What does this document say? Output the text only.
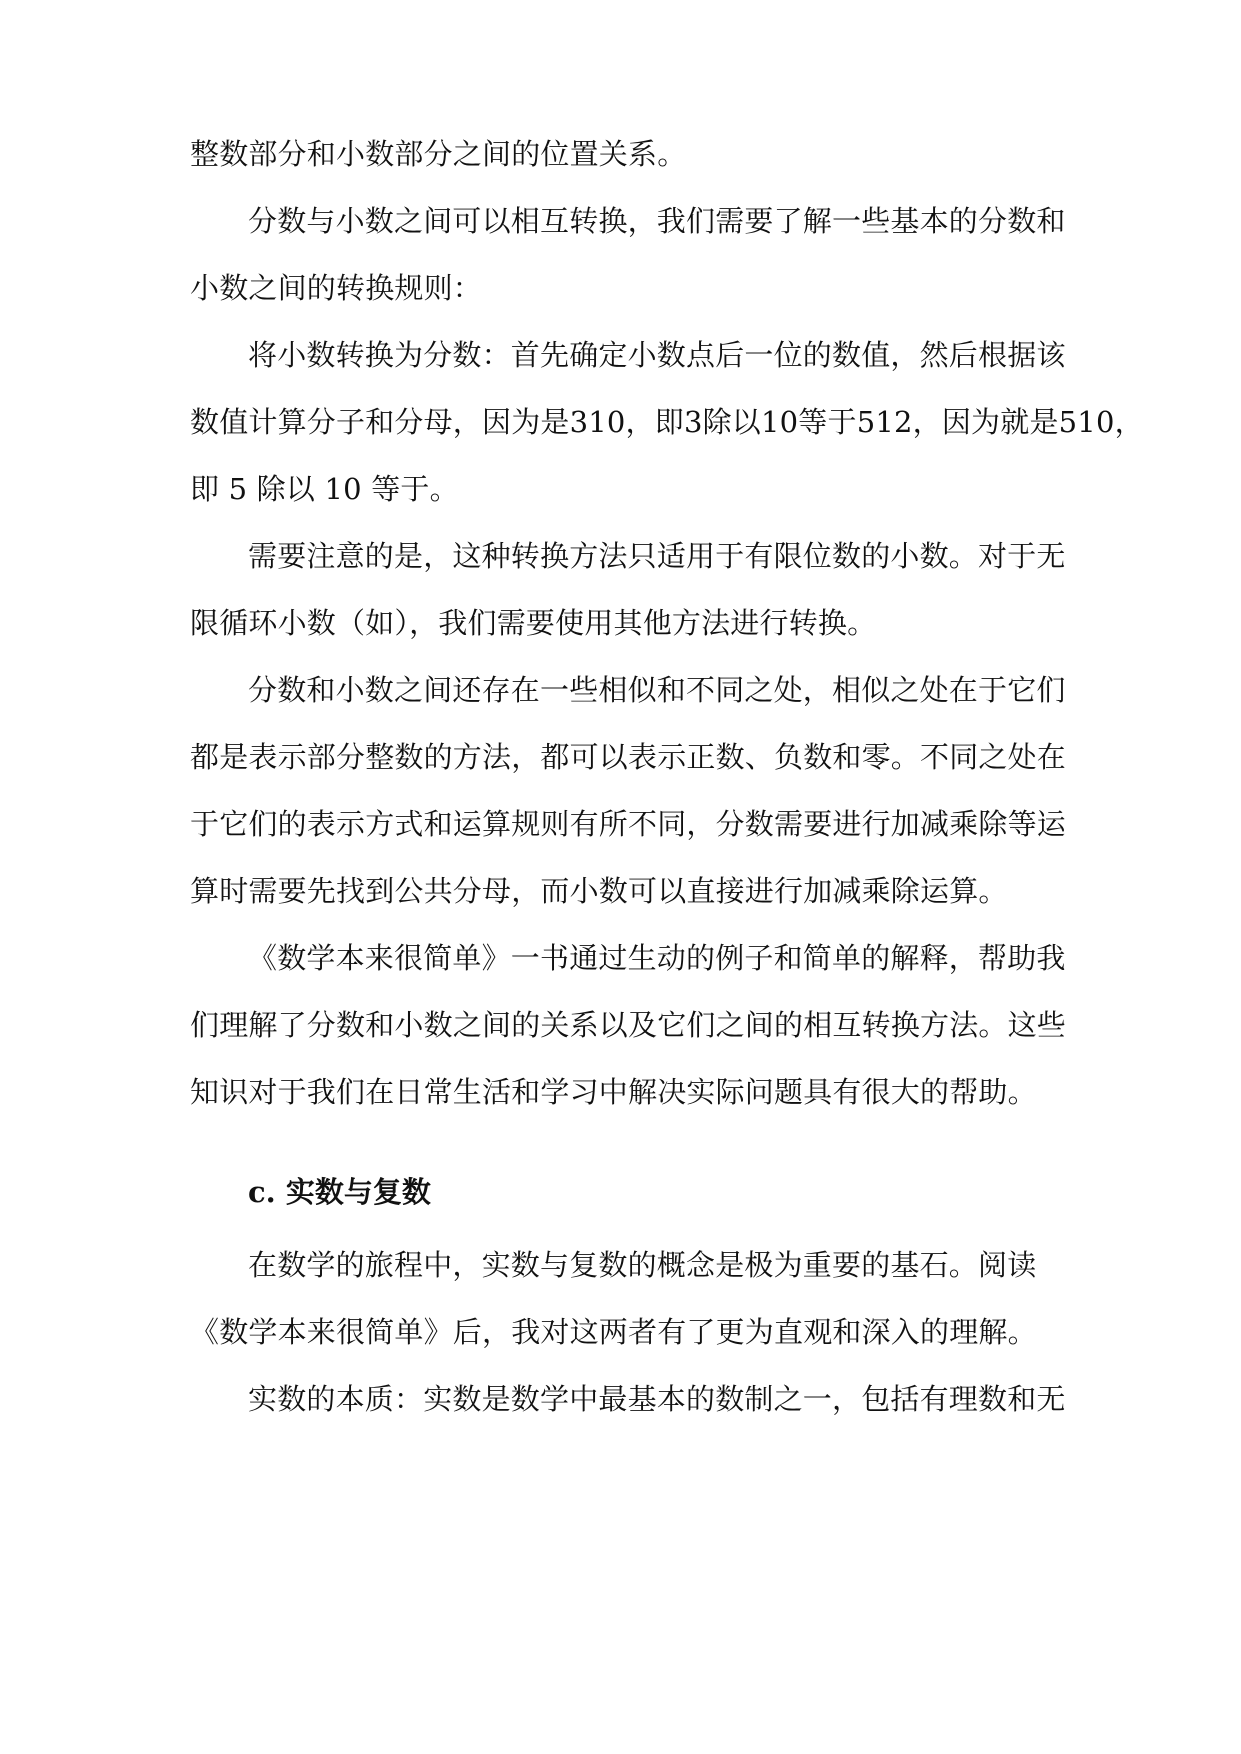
整数部分和小数部分之间的位置关系。
分数与小数之间可以相互转换，我们需要了解一些基本的分数和
小数之间的转换规则：
将小数转换为分数：首先确定小数点后一位的数值，然后根据该
数值计算分子和分母，因为是310，即3除以10等于512，因为就是510，
即 5 除以 10 等于。
需要注意的是，这种转换方法只适用于有限位数的小数。对于无
限循环小数（如），我们需要使用其他方法进行转换。
分数和小数之间还存在一些相似和不同之处，相似之处在于它们
都是表示部分整数的方法，都可以表示正数、负数和零。不同之处在
于它们的表示方式和运算规则有所不同，分数需要进行加减乘除等运
算时需要先找到公共分母，而小数可以直接进行加减乘除运算。
《数学本来很简单》一书通过生动的例子和简单的解释，帮助我
们理解了分数和小数之间的关系以及它们之间的相互转换方法。这些
知识对于我们在日常生活和学习中解决实际问题具有很大的帮助。
c. 实数与复数
在数学的旅程中，实数与复数的概念是极为重要的基石。阅读
《数学本来很简单》后，我对这两者有了更为直观和深入的理解。
实数的本质：实数是数学中最基本的数制之一，包括有理数和无
